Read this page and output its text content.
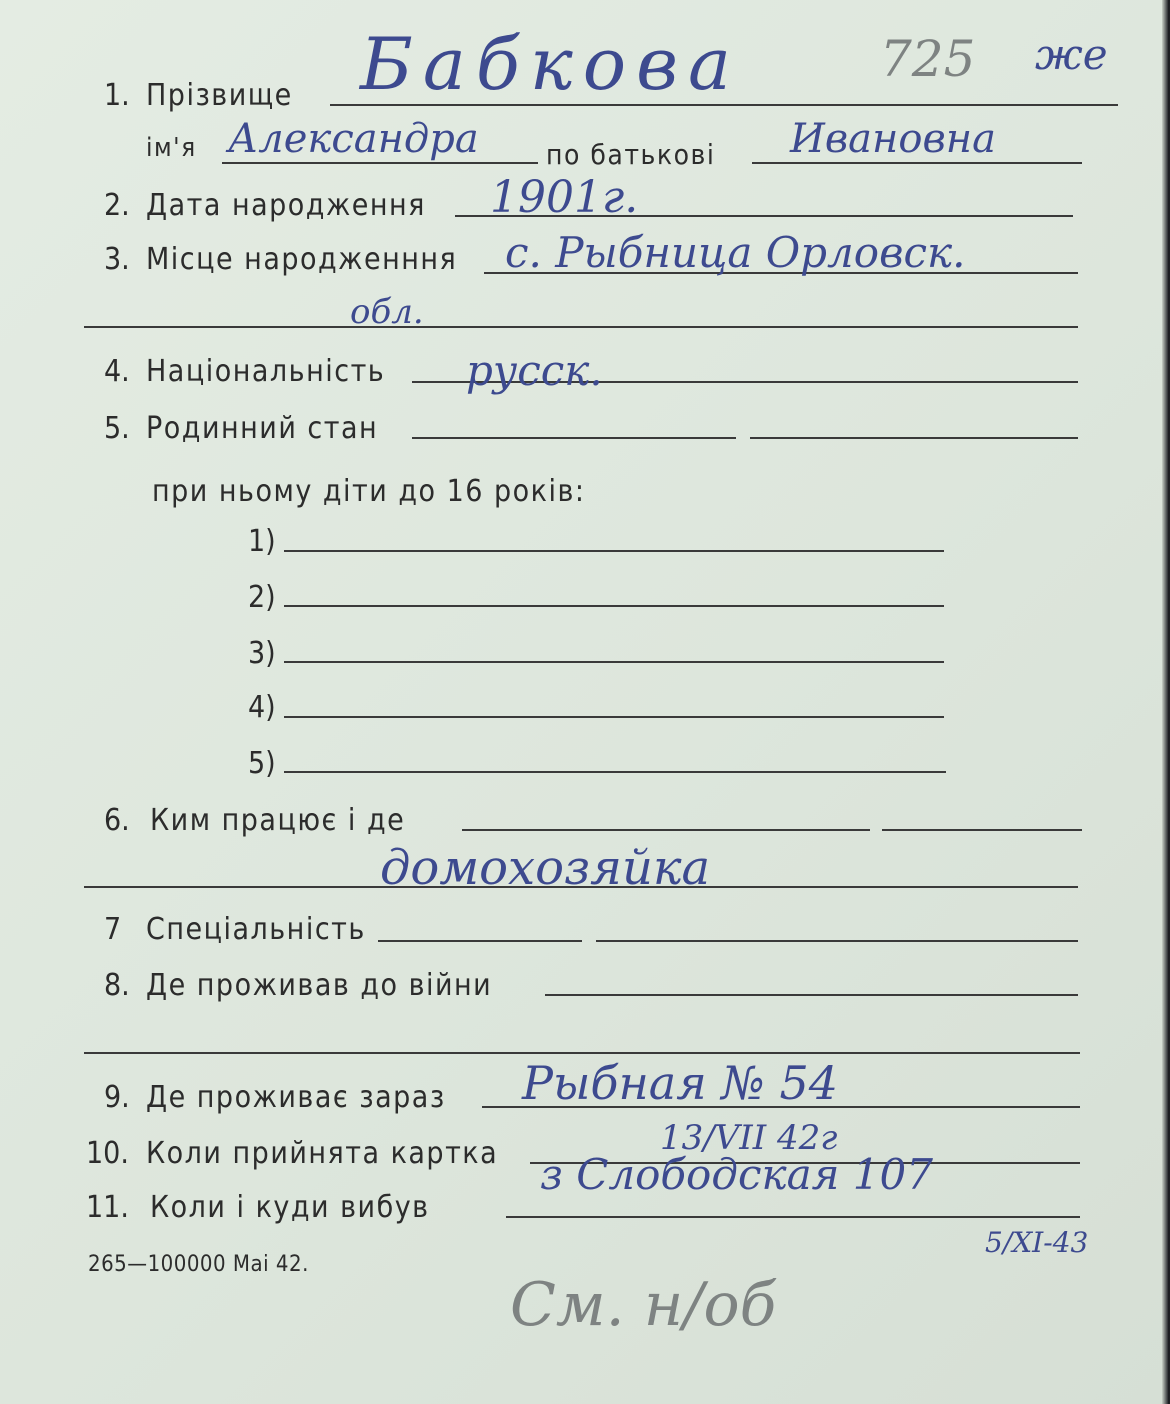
1. Прізвище Бабкова	725 же
ім'я Александра по батькові Ивановна
2. Дата народження 1901г.
3. Місце народженння с. Рыбница Орловск.
обл.
4. Національність русск.
5. Родинний стан
при ньому діти до 16 років:
1)
2)
3)
4)
5)
6. Ким працює і де
домохозяйка
7 Спеціальність
8. Де проживав до війни
9. Де проживає зараз Рыбная № 54
10. Коли прийнята картка	13/VII 42г
з Слободская 107
11. Коли і куди вибув
5/XI-43
265—100000 Mai 42.
См. н/об
